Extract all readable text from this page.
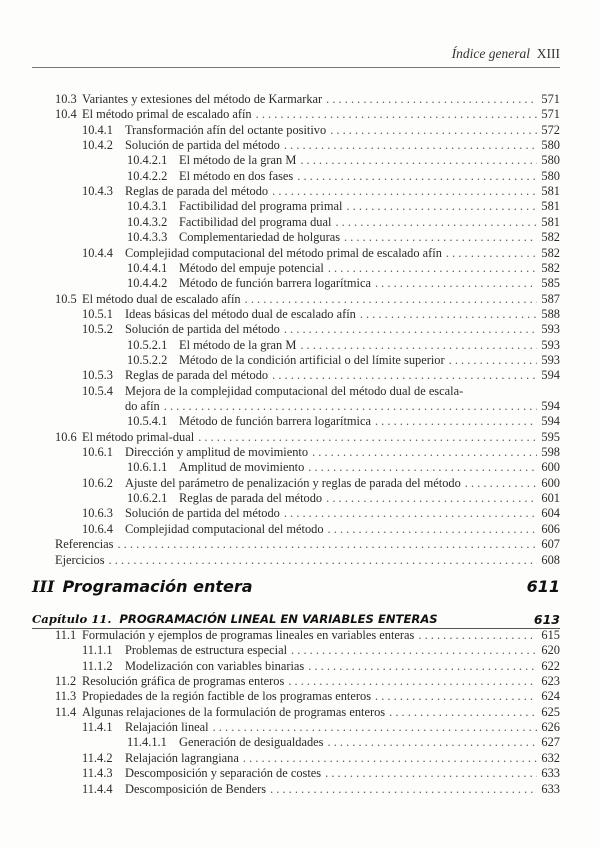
Índice general XIII
10.3 Variantes y extesiones del método de Karmarkar . . .	571
10.4 El método primal de escalado afín . . .	571
10.4.1 Transformación afín del octante positivo . . .	572
10.4.2 Solución de partida del método . . .	580
10.4.2.1 El método de la gran M . . .	580
10.4.2.2 El método en dos fases . . .	580
10.4.3 Reglas de parada del método . . .	581
10.4.3.1 Factibilidad del programa primal . . .	581
10.4.3.2 Factibilidad del programa dual . . .	581
10.4.3.3 Complementariedad de holguras . . .	582
10.4.4 Complejidad computacional del método primal de escalado afín . . .	582
10.4.4.1 Método del empuje potencial . . .	582
10.4.4.2 Método de función barrera logarítmica . . .	585
10.5 El método dual de escalado afín . . .	587
10.5.1 Ideas básicas del método dual de escalado afín . . .	588
10.5.2 Solución de partida del método . . .	593
10.5.2.1 El método de la gran M . . .	593
10.5.2.2 Método de la condición artificial o del límite superior . . .	593
10.5.3 Reglas de parada del método . . .	594
10.5.4 Mejora de la complejidad computacional del método dual de escala-
do afín . . .	594
10.5.4.1 Método de función barrera logarítmica . . .	594
10.6 El método primal-dual . . .	595
10.6.1 Dirección y amplitud de movimiento . . .	598
10.6.1.1 Amplitud de movimiento . . .	600
10.6.2 Ajuste del parámetro de penalización y reglas de parada del método . . .	600
10.6.2.1 Reglas de parada del método . . .	601
10.6.3 Solución de partida del método . . .	604
10.6.4 Complejidad computacional del método . . .	606
Referencias . . .	607
Ejercicios . . .	608
III Programación entera	611
Capítulo 11. PROGRAMACIÓN LINEAL EN VARIABLES ENTERAS	613
11.1 Formulación y ejemplos de programas lineales en variables enteras . . .	615
11.1.1	Problemas de estructura especial . . .	620
11.1.2	Modelización con variables binarias . . .	622
11.2 Resolución gráfica de programas enteros . . .	623
11.3 Propiedades de la región factible de los programas enteros . . .	624
11.4 Algunas relajaciones de la formulación de programas enteros . . .	625
11.4.1	Relajación lineal . . .	626
11.4.1.1 Generación de desigualdades . . .	627
11.4.2	Relajación lagrangiana . . .	632
11.4.3	Descomposición y separación de costes . . .	633
11.4.4	Descomposición de Benders . . .	633
